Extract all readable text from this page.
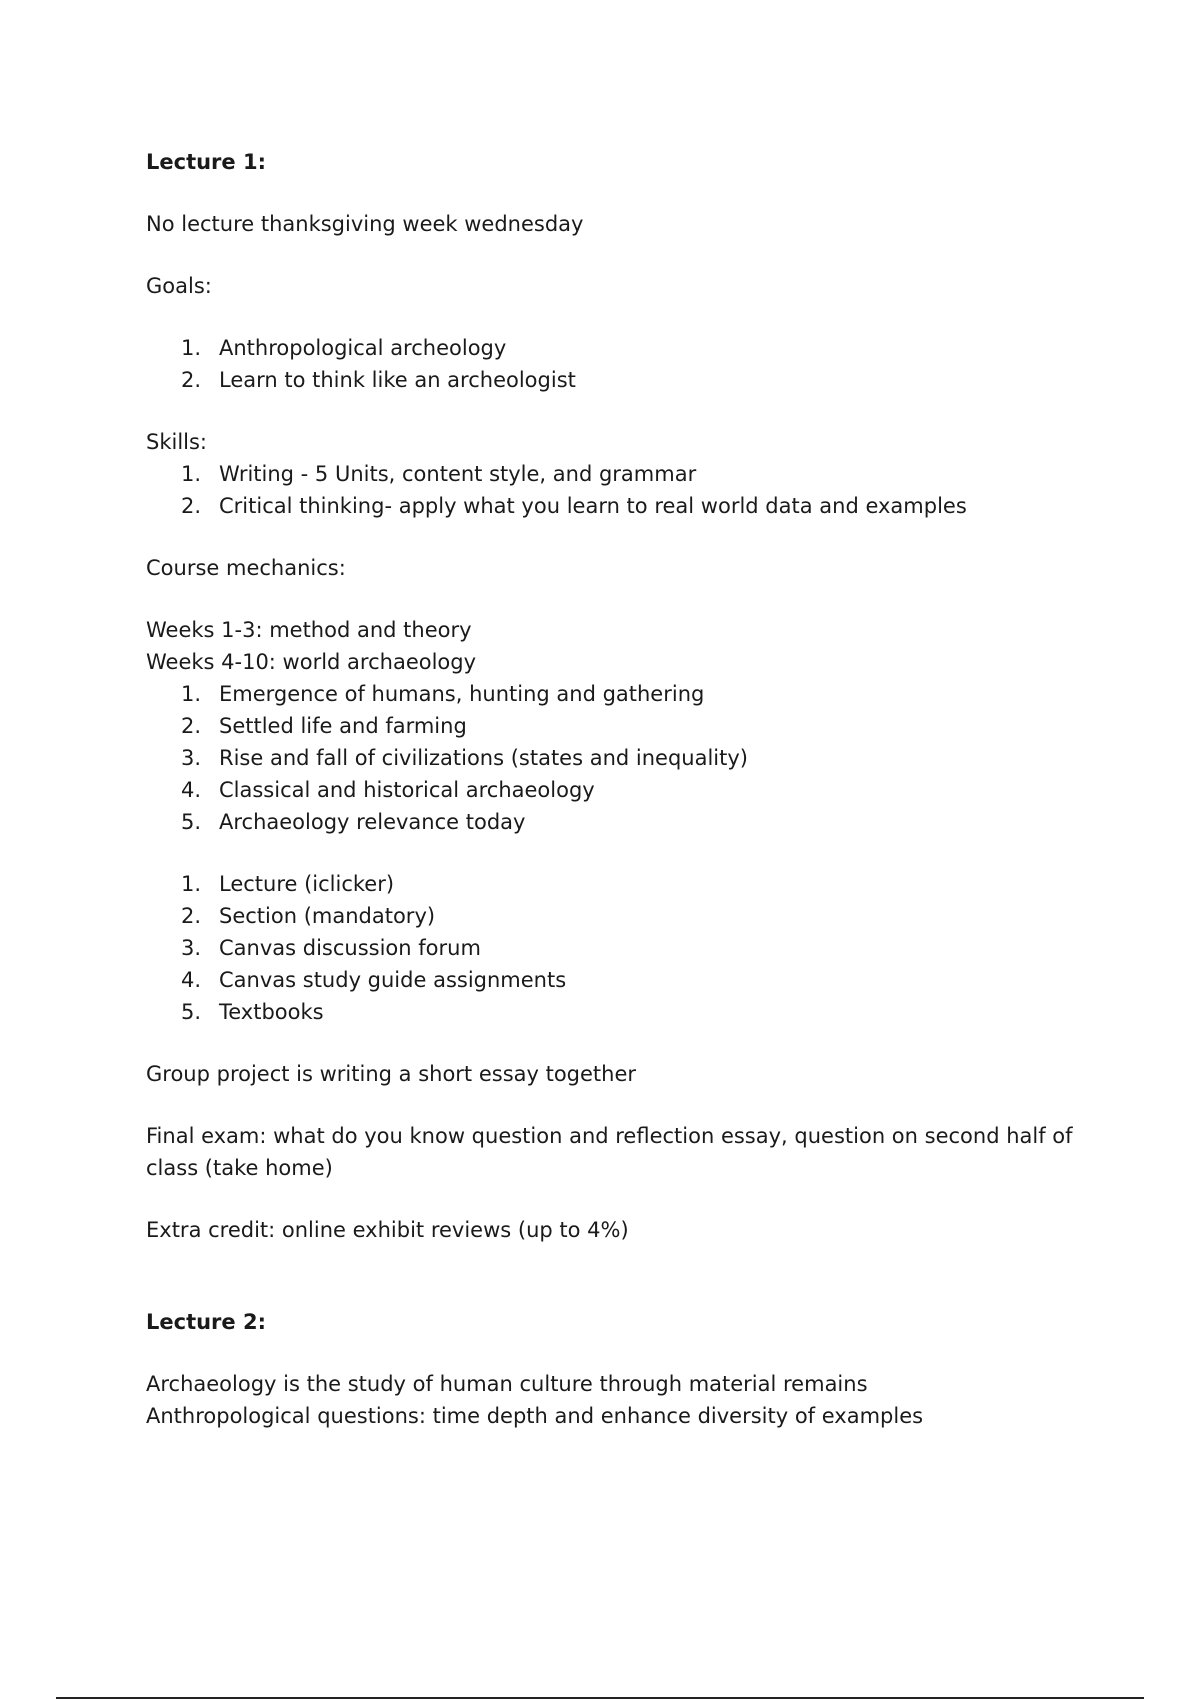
Lecture 1:

No lecture thanksgiving week wednesday

Goals:

1. Anthropological archeology
2. Learn to think like an archeologist

Skills:

1. Writing - 5 Units, content style, and grammar
2. Critical thinking- apply what you learn to real world data and examples

Course mechanics:

Weeks 1-3: method and theory

Weeks 4-10: world archaeology

1. Emergence of humans, hunting and gathering
2. Settled life and farming
3. Rise and fall of civilizations (states and inequality)
4. Classical and historical archaeology
5. Archaeology relevance today
1. Lecture (iclicker)
2. Section (mandatory)
3. Canvas discussion forum
4. Canvas study guide assignments
5. Textbooks

Group project is writing a short essay together

Final exam: what do you know question and reflection essay, question on second half of

class (take home)

Extra credit: online exhibit reviews (up to 4%)

Lecture 2:

Archaeology is the study of human culture through material remains

Anthropological questions: time depth and enhance diversity of examples
